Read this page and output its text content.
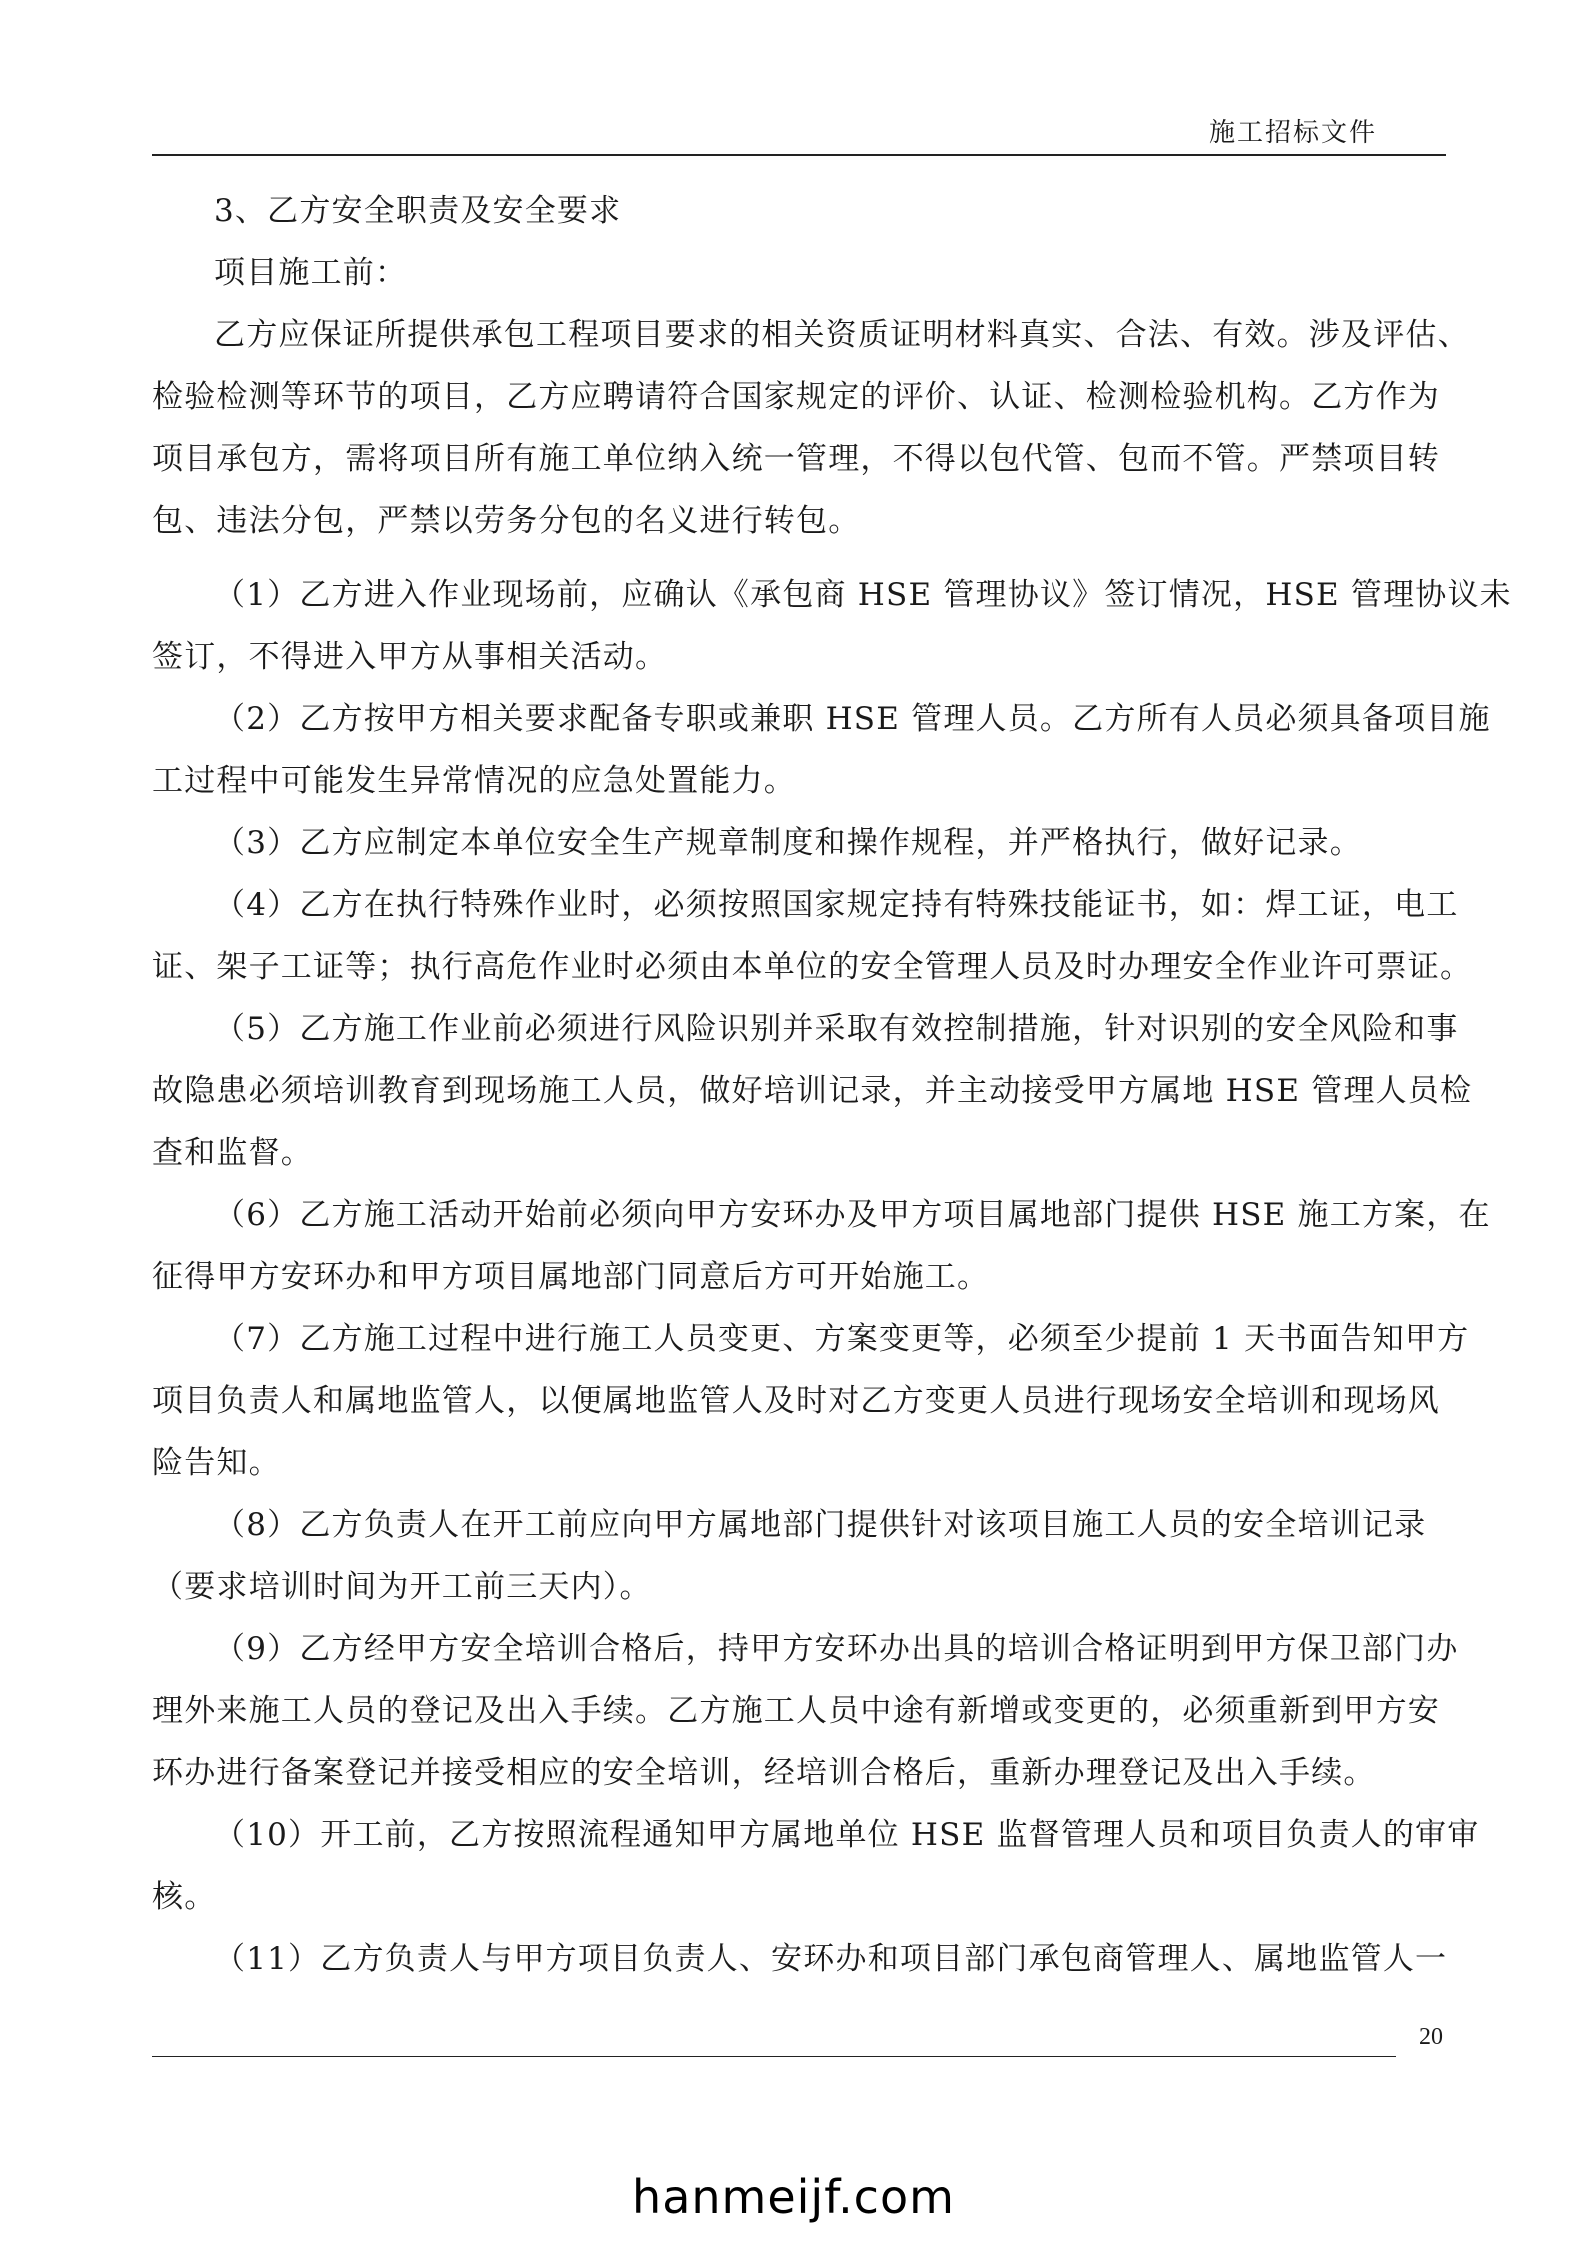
施工招标文件

3、乙方安全职责及安全要求

项目施工前：

乙方应保证所提供承包工程项目要求的相关资质证明材料真实、合法、有效。涉及评估、

检验检测等环节的项目，乙方应聘请符合国家规定的评价、认证、检测检验机构。乙方作为

项目承包方，需将项目所有施工单位纳入统一管理，不得以包代管、包而不管。严禁项目转

包、违法分包，严禁以劳务分包的名义进行转包。

（1）乙方进入作业现场前，应确认《承包商 HSE 管理协议》签订情况，HSE 管理协议未

签订，不得进入甲方从事相关活动。

（2）乙方按甲方相关要求配备专职或兼职 HSE 管理人员。乙方所有人员必须具备项目施

工过程中可能发生异常情况的应急处置能力。

（3）乙方应制定本单位安全生产规章制度和操作规程，并严格执行，做好记录。

（4）乙方在执行特殊作业时，必须按照国家规定持有特殊技能证书，如：焊工证，电工

证、架子工证等；执行高危作业时必须由本单位的安全管理人员及时办理安全作业许可票证。

（5）乙方施工作业前必须进行风险识别并采取有效控制措施，针对识别的安全风险和事

故隐患必须培训教育到现场施工人员，做好培训记录，并主动接受甲方属地 HSE 管理人员检

查和监督。

（6）乙方施工活动开始前必须向甲方安环办及甲方项目属地部门提供 HSE 施工方案，在

征得甲方安环办和甲方项目属地部门同意后方可开始施工。

（7）乙方施工过程中进行施工人员变更、方案变更等，必须至少提前 1 天书面告知甲方

项目负责人和属地监管人，以便属地监管人及时对乙方变更人员进行现场安全培训和现场风

险告知。

（8）乙方负责人在开工前应向甲方属地部门提供针对该项目施工人员的安全培训记录

（要求培训时间为开工前三天内）。

（9）乙方经甲方安全培训合格后，持甲方安环办出具的培训合格证明到甲方保卫部门办

理外来施工人员的登记及出入手续。乙方施工人员中途有新增或变更的，必须重新到甲方安

环办进行备案登记并接受相应的安全培训，经培训合格后，重新办理登记及出入手续。

（10）开工前，乙方按照流程通知甲方属地单位 HSE 监督管理人员和项目负责人的审审

核。

（11）乙方负责人与甲方项目负责人、安环办和项目部门承包商管理人、属地监管人一

20
hanmeijf.com
